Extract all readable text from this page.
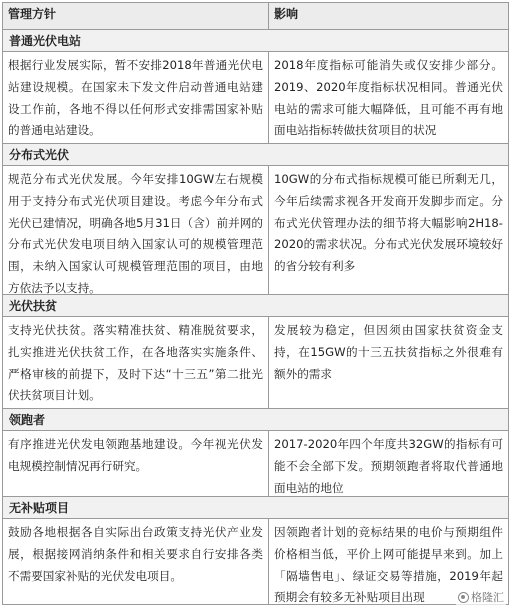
管理方针	影响
普通光伏电站
根据行业发展实际，暂不安排2018年普通光伏电站建设规模。在国家未下发文件启动普通电站建设工作前，各地不得以任何形式安排需国家补贴的普通电站建设。
2018年度指标可能消失或仅安排少部分。2019、2020年度指标状况相同。普通光伏电站的需求可能大幅降低，且可能不再有地面电站指标转做扶贫项目的状况
分布式光伏
规范分布式光伏发展。今年安排10GW左右规模用于支持分布式光伏项目建设。考虑今年分布式光伏已建情况，明确各地5月31日（含）前并网的分布式光伏发电项目纳入国家认可的规模管理范围，未纳入国家认可规模管理范围的项目，由地方依法予以支持。
10GW的分布式指标规模可能已所剩无几，今年后续需求视各开发商开发脚步而定。分布式光伏管理办法的细节将大幅影响2H18-2020的需求状况。分布式光伏发展环境较好的省分较有利多
光伏扶贫
支持光伏扶贫。落实精准扶贫、精准脱贫要求，扎实推进光伏扶贫工作，在各地落实实施条件、严格审核的前提下，及时下达“十三五”第二批光伏扶贫项目计划。
发展较为稳定，但因须由国家扶贫资金支持，在15GW的十三五扶贫指标之外很难有额外的需求
领跑者
有序推进光伏发电领跑基地建设。今年视光伏发电规模控制情况再行研究。
2017-2020年四个年度共32GW的指标有可能不会全部下发。预期领跑者将取代普通地面电站的地位
无补贴项目
鼓励各地根据各自实际出台政策支持光伏产业发展，根据接网消纳条件和相关要求自行安排各类不需要国家补贴的光伏发电项目。
因领跑者计划的竞标结果的电价与预期组件价格相当低，平价上网可能提早来到。加上「隔墙售电」、绿证交易等措施，2019年起预期会有较多无补贴项目出现	格隆汇
